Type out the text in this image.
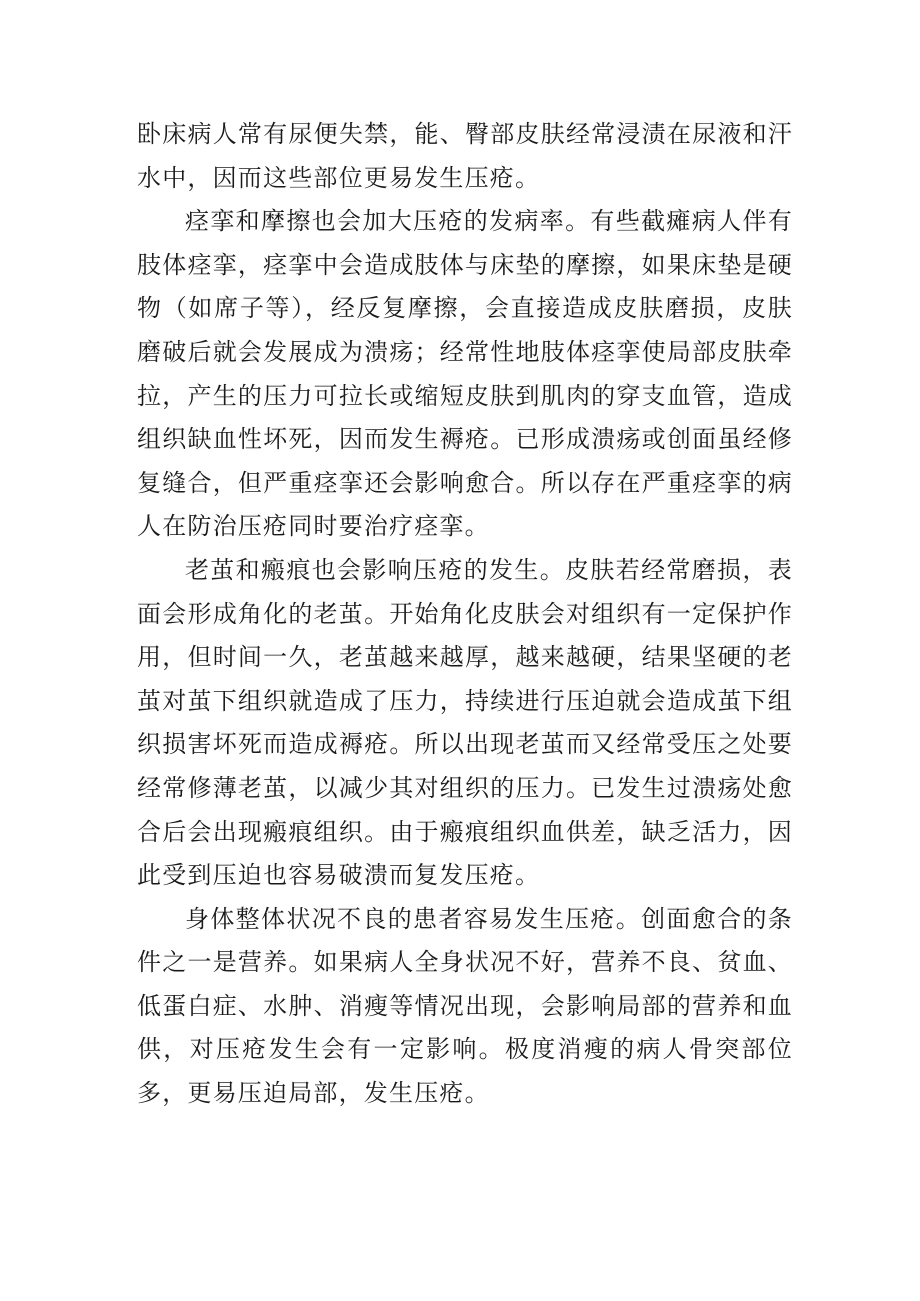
卧床病人常有尿便失禁，能、臀部皮肤经常浸渍在尿液和汗水中，因而这些部位更易发生压疮。

痉挛和摩擦也会加大压疮的发病率。有些截瘫病人伴有肢体痉挛，痉挛中会造成肢体与床垫的摩擦，如果床垫是硬物（如席子等），经反复摩擦，会直接造成皮肤磨损，皮肤磨破后就会发展成为溃疡；经常性地肢体痉挛使局部皮肤牵拉，产生的压力可拉长或缩短皮肤到肌肉的穿支血管，造成组织缺血性坏死，因而发生褥疮。已形成溃疡或创面虽经修复缝合，但严重痉挛还会影响愈合。所以存在严重痉挛的病人在防治压疮同时要治疗痉挛。

老茧和瘢痕也会影响压疮的发生。皮肤若经常磨损，表面会形成角化的老茧。开始角化皮肤会对组织有一定保护作用，但时间一久，老茧越来越厚，越来越硬，结果坚硬的老茧对茧下组织就造成了压力，持续进行压迫就会造成茧下组织损害坏死而造成褥疮。所以出现老茧而又经常受压之处要经常修薄老茧，以减少其对组织的压力。已发生过溃疡处愈合后会出现瘢痕组织。由于瘢痕组织血供差，缺乏活力，因此受到压迫也容易破溃而复发压疮。

身体整体状况不良的患者容易发生压疮。创面愈合的条件之一是营养。如果病人全身状况不好，营养不良、贫血、低蛋白症、水肿、消瘦等情况出现，会影响局部的营养和血供，对压疮发生会有一定影响。极度消瘦的病人骨突部位多，更易压迫局部，发生压疮。
